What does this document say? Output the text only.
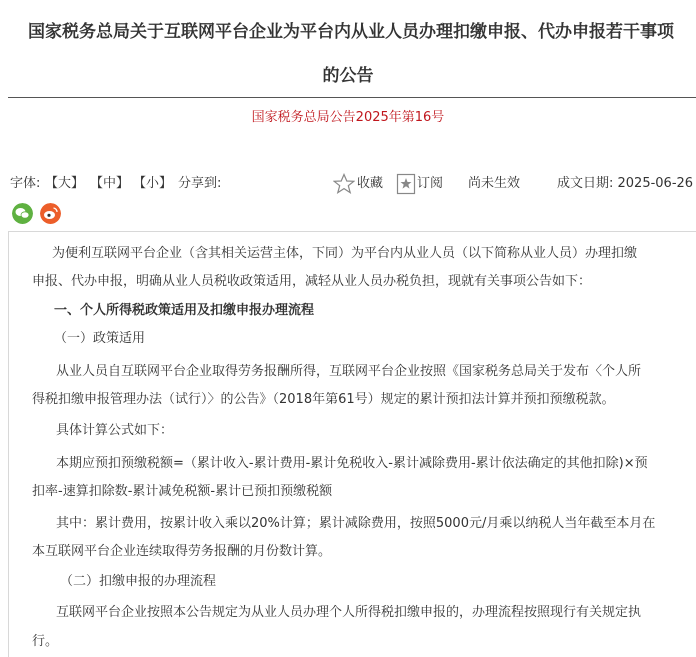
国家税务总局关于互联网平台企业为平台内从业人员办理扣缴申报、代办申报若干事项
的公告
国家税务总局公告2025年第16号
字体: 【大】 【中】 【小】 分享到:	收藏	订阅 尚未生效	成文日期: 2025-06-26
为便利互联网平台企业（含其相关运营主体，下同）为平台内从业人员（以下简称从业人员）办理扣缴
申报、代办申报，明确从业人员税收政策适用，减轻从业人员办税负担，现就有关事项公告如下：
一、个人所得税政策适用及扣缴申报办理流程
（一）政策适用
从业人员自互联网平台企业取得劳务报酬所得，互联网平台企业按照《国家税务总局关于发布〈个人所
得税扣缴申报管理办法（试行）〉的公告》（2018年第61号）规定的累计预扣法计算并预扣预缴税款。
具体计算公式如下：
本期应预扣预缴税额=（累计收入-累计费用-累计免税收入-累计减除费用-累计依法确定的其他扣除)×预
扣率-速算扣除数-累计减免税额-累计已预扣预缴税额
其中：累计费用，按累计收入乘以20%计算；累计减除费用，按照5000元/月乘以纳税人当年截至本月在
本互联网平台企业连续取得劳务报酬的月份数计算。
（二）扣缴申报的办理流程
互联网平台企业按照本公告规定为从业人员办理个人所得税扣缴申报的，办理流程按照现行有关规定执
行。
